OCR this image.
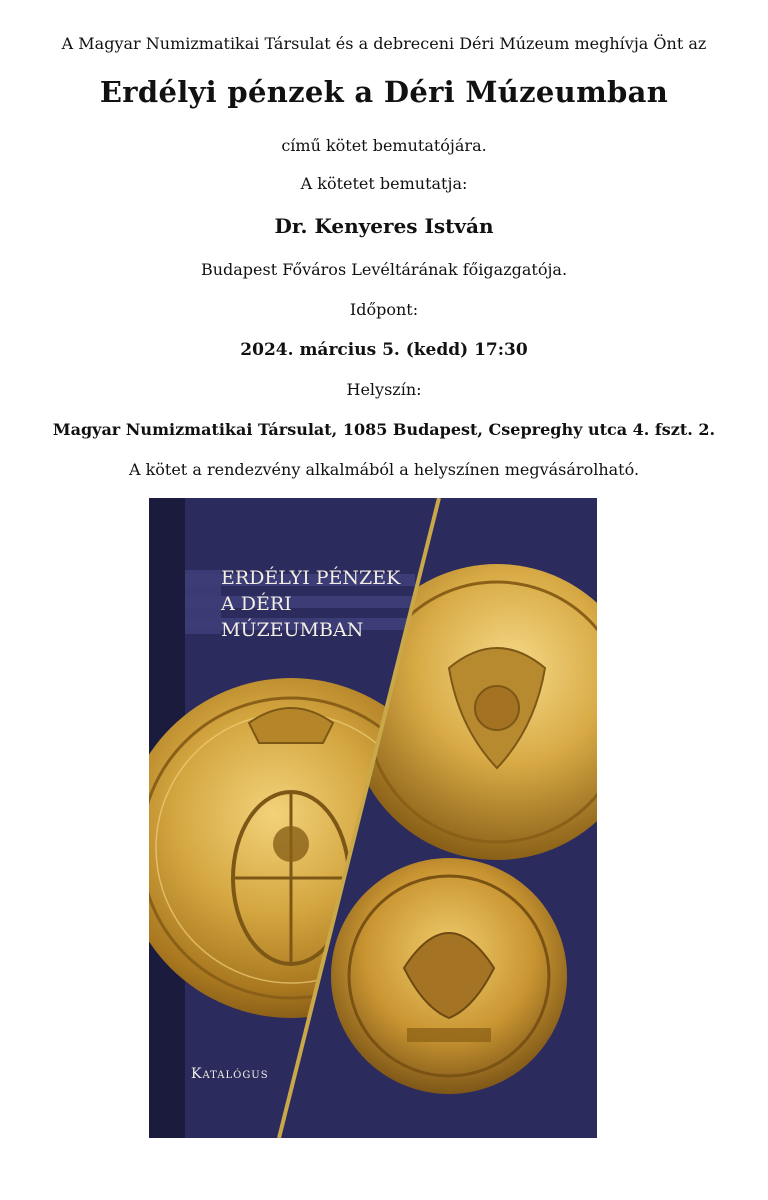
A Magyar Numizmatikai Társulat és a debreceni Déri Múzeum meghívja Önt az
Erdélyi pénzek a Déri Múzeumban
című kötet bemutatójára.
A kötetet bemutatja:
Dr. Kenyeres István
Budapest Főváros Levéltárának főigazgatója.
Időpont:
2024. március 5. (kedd) 17:30
Helyszín:
Magyar Numizmatikai Társulat, 1085 Budapest, Csepreghy utca 4. fszt. 2.
A kötet a rendezvény alkalmából a helyszínen megvásárolható.
ERDÉLYI PÉNZEK
A DÉRI
MÚZEUMBAN
Katalógus
